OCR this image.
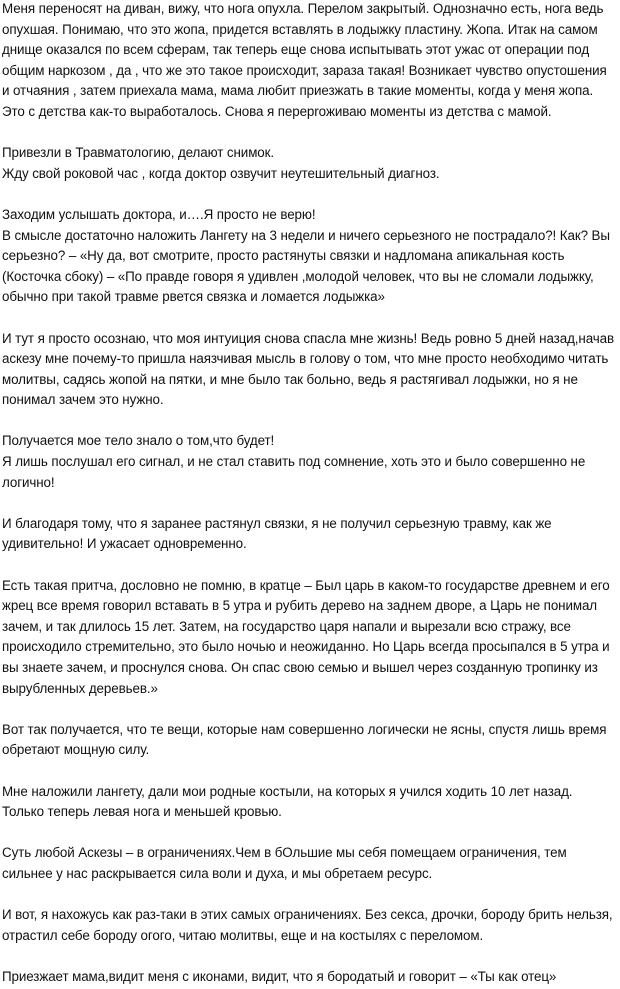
Меня переносят на диван, вижу, что нога опухла. Перелом закрытый. Однозначно есть, нога ведь
опухшая. Понимаю, что это жопа, придется вставлять в лодыжку пластину. Жопа. Итак на самом
днище оказался по всем сферам, так теперь еще снова испытывать этот ужас от операции под
общим наркозом , да , что же это такое происходит, зараза такая! Возникает чувство опустошения
и отчаяния , затем приехала мама, мама любит приезжать в такие моменты, когда у меня жопа.
Это с детства как-то выработалось. Снова я переproживаю моменты из детства с мамой.

Привезли в Травматологию, делают снимок.
Жду свой роковой час , когда доктор озвучит неутешительный диагноз.

Заходим услышать доктора, и….Я просто не верю!
В смысле достаточно наложить Лангету на 3 недели и ничего серьезного не пострадало?! Как? Вы
серьезно? – «Ну да, вот смотрите, просто растянуты связки и надломана апикальная кость
(Косточка сбоку) – «По правде говоря я удивлен ,молодой человек, что вы не сломали лодыжку,
обычно при такой травме рвется связка и ломается лодыжка»

И тут я просто осознаю, что моя интуиция снова спасла мне жизнь! Ведь ровно 5 дней назад,начав
аскезу мне почему-то пришла наязчивая мысль в голову о том, что мне просто необходимо читать
молитвы, садясь жопой на пятки, и мне было так больно, ведь я растягивал лодыжки, но я не
понимал зачем это нужно.

Получается мое тело знало о том,что будет!
Я лишь послушал его сигнал, и не стал ставить под сомнение, хоть это и было совершенно не
логично!

И благодаря тому, что я заранее растянул связки, я не получил серьезную травму, как же
удивительно! И ужасает одновременно.

Есть такая притча, дословно не помню, в кратце – Был царь в каком-то государстве древнем и его
жрец все время говорил вставать в 5 утра и рубить дерево на заднем дворе, а Царь не понимал
зачем, и так длилось 15 лет. Затем, на государство царя напали и вырезали всю стражу, все
происходило стремительно, это было ночью и неожиданно. Но Царь всегда просыпался в 5 утра и
вы знаете зачем, и проснулся снова. Он спас свою семью и вышел через созданную тропинку из
вырубленных деревьев.»

Вот так получается, что те вещи, которые нам совершенно логически не ясны, спустя лишь время
обретают мощную силу.

Мне наложили лангету, дали мои родные костыли, на которых я учился ходить 10 лет назад.
Только теперь левая нога и меньшей кровью.

Суть любой Аскезы – в ограничениях.Чем в бОльшие мы себя помещаем ограничения, тем
сильнее у нас раскрывается сила воли и духа, и мы обретаем ресурс.

И вот, я нахожусь как раз-таки в этих самых ограничениях. Без секса, дрочки, бороду брить нельзя,
отрастил себе бороду огого, читаю молитвы, еще и на костылях с переломом.

Приезжает мама,видит меня с иконами, видит, что я бородатый и говорит – «Ты как отец»
